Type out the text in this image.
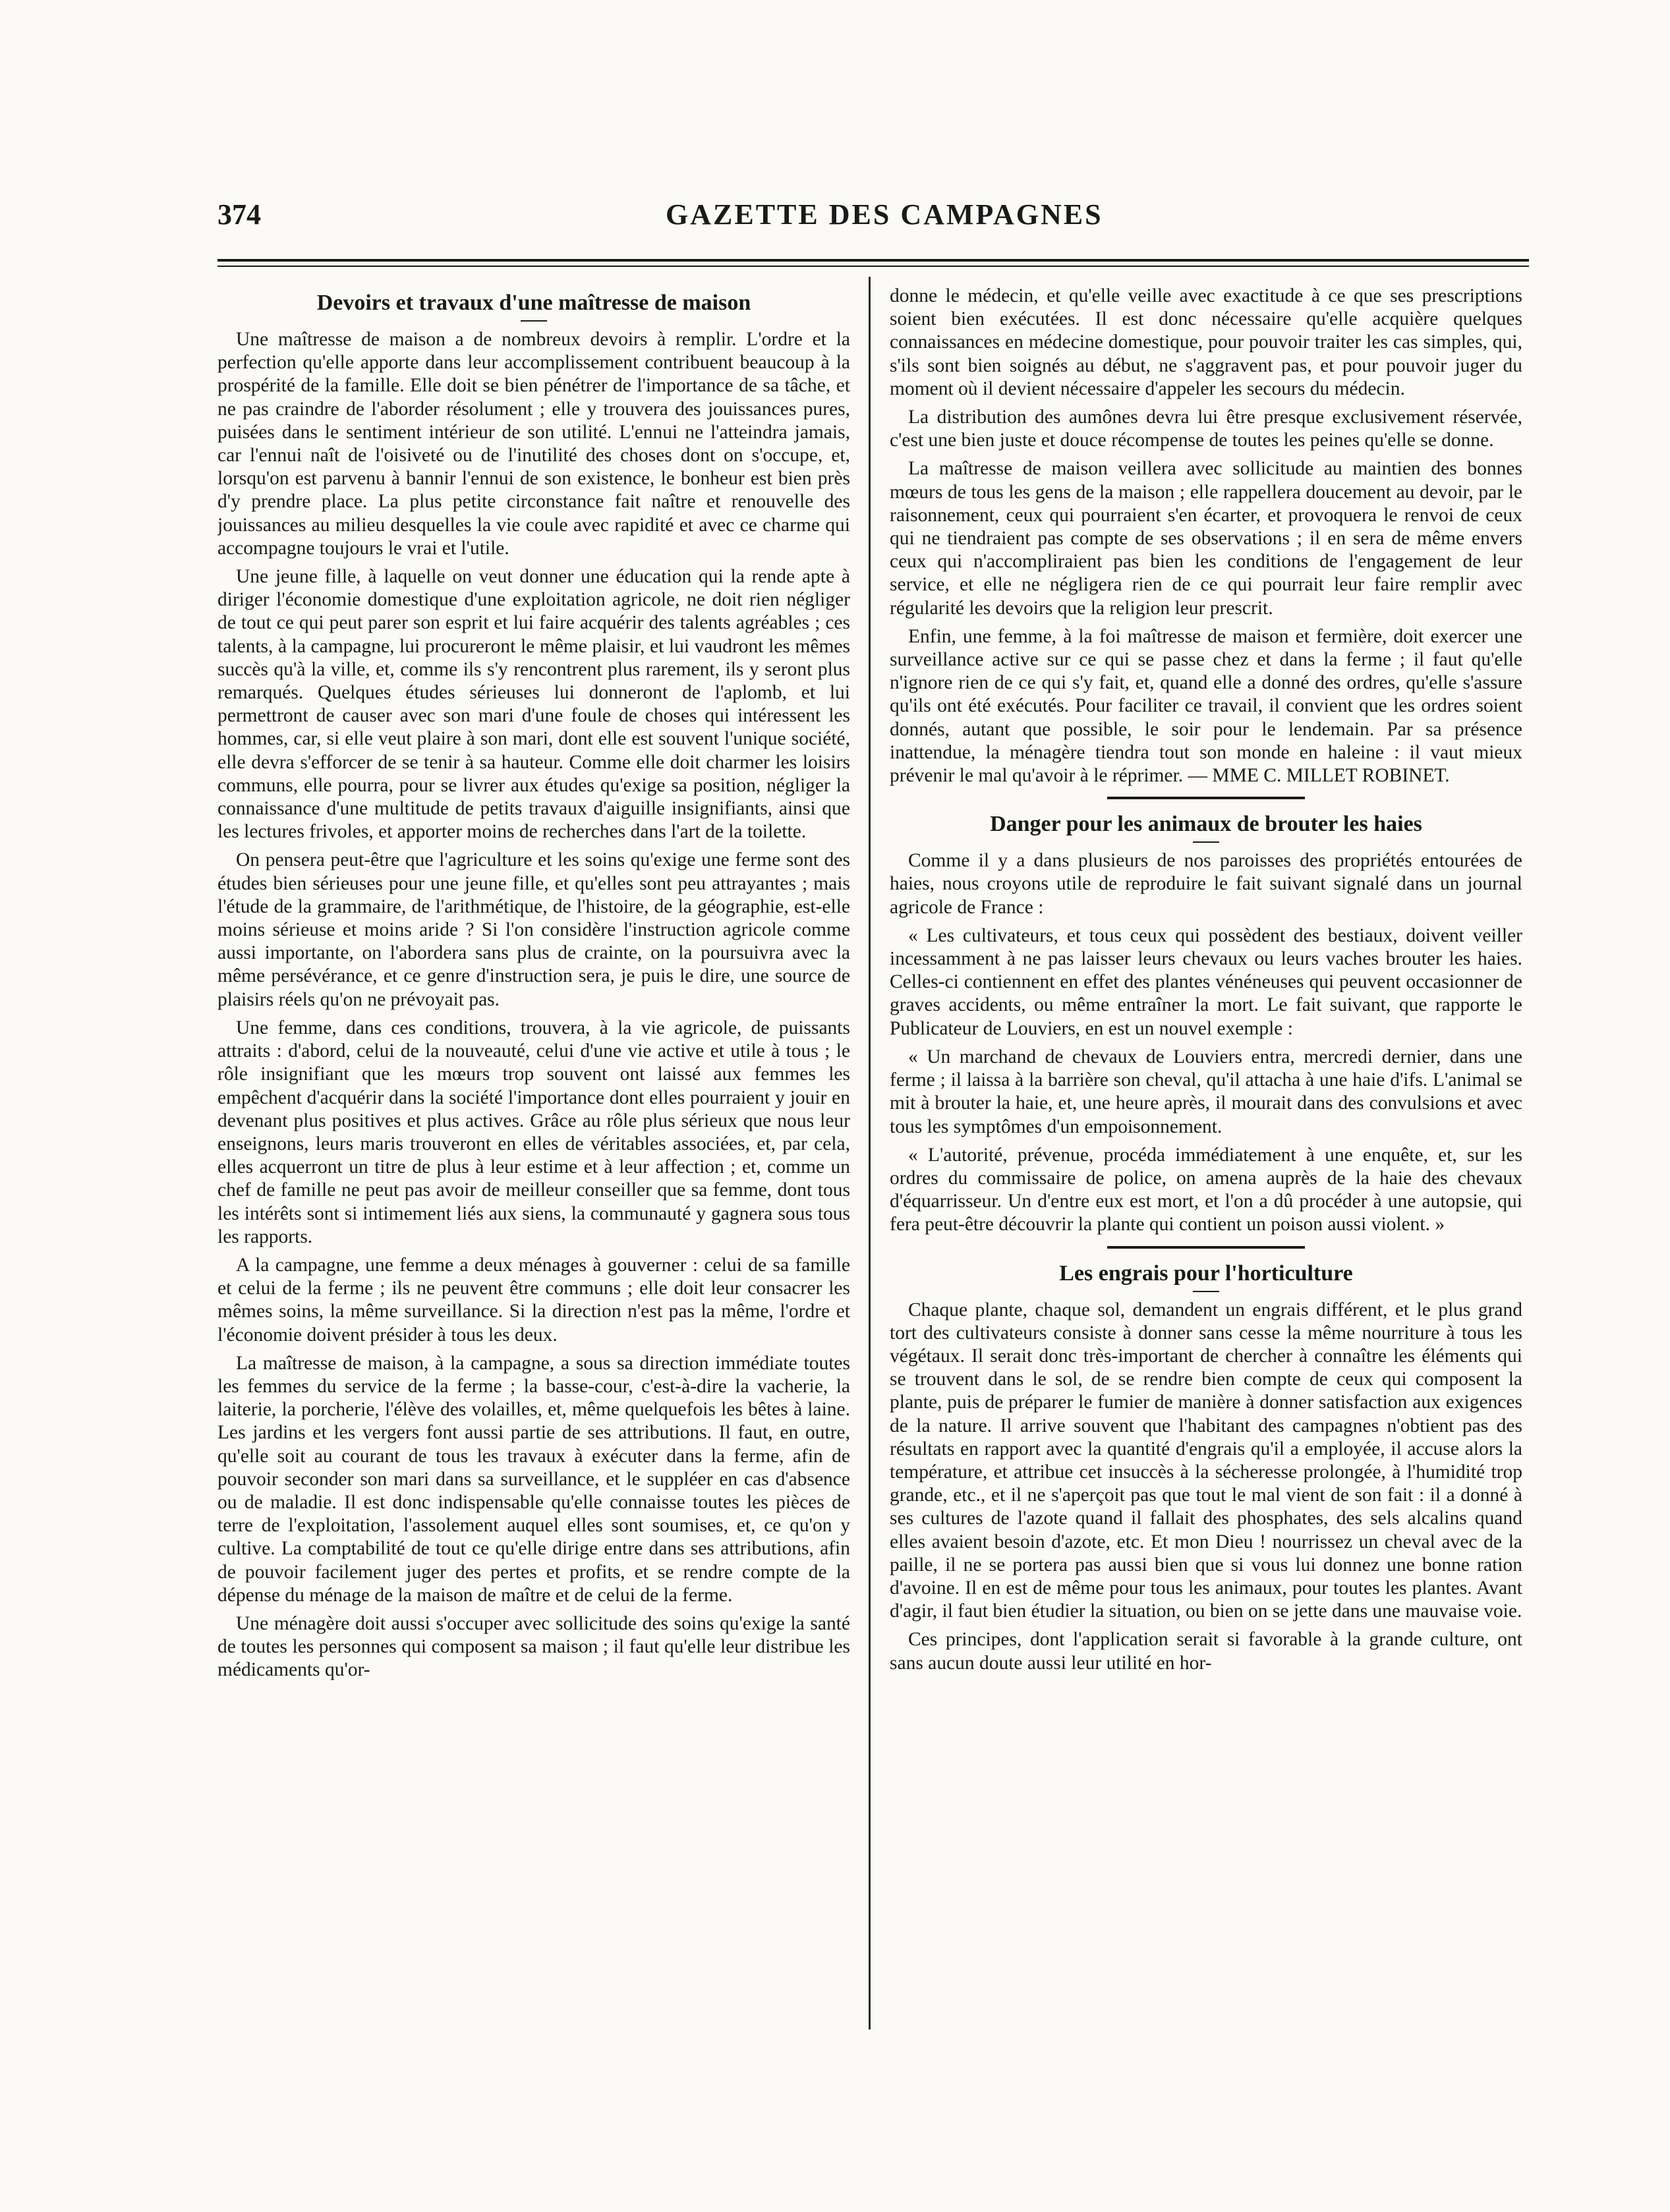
374	GAZETTE DES CAMPAGNES
Devoirs et travaux d'une maîtresse de maison

Une maîtresse de maison a de nombreux devoirs à remplir. L'ordre et la perfection qu'elle apporte dans leur accomplissement contribuent beaucoup à la prospérité de la famille. Elle doit se bien pénétrer de l'importance de sa tâche, et ne pas craindre de l'aborder résolument ; elle y trouvera des jouissances pures, puisées dans le sentiment intérieur de son utilité. L'ennui ne l'atteindra jamais, car l'ennui naît de l'oisiveté ou de l'inutilité des choses dont on s'occupe, et, lorsqu'on est parvenu à bannir l'ennui de son existence, le bonheur est bien près d'y prendre place. La plus petite circonstance fait naître et renouvelle des jouissances au milieu desquelles la vie coule avec rapidité et avec ce charme qui accompagne toujours le vrai et l'utile.

Une jeune fille, à laquelle on veut donner une éducation qui la rende apte à diriger l'économie domestique d'une exploitation agricole, ne doit rien négliger de tout ce qui peut parer son esprit et lui faire acquérir des talents agréables ; ces talents, à la campagne, lui procureront le même plaisir, et lui vaudront les mêmes succès qu'à la ville, et, comme ils s'y rencontrent plus rarement, ils y seront plus remarqués. Quelques études sérieuses lui donneront de l'aplomb, et lui permettront de causer avec son mari d'une foule de choses qui intéressent les hommes, car, si elle veut plaire à son mari, dont elle est souvent l'unique société, elle devra s'efforcer de se tenir à sa hauteur. Comme elle doit charmer les loisirs communs, elle pourra, pour se livrer aux études qu'exige sa position, négliger la connaissance d'une multitude de petits travaux d'aiguille insignifiants, ainsi que les lectures frivoles, et apporter moins de recherches dans l'art de la toilette.

On pensera peut-être que l'agriculture et les soins qu'exige une ferme sont des études bien sérieuses pour une jeune fille, et qu'elles sont peu attrayantes ; mais l'étude de la grammaire, de l'arithmétique, de l'histoire, de la géographie, est-elle moins sérieuse et moins aride ? Si l'on considère l'instruction agricole comme aussi importante, on l'abordera sans plus de crainte, on la poursuivra avec la même persévérance, et ce genre d'instruction sera, je puis le dire, une source de plaisirs réels qu'on ne prévoyait pas.

Une femme, dans ces conditions, trouvera, à la vie agricole, de puissants attraits : d'abord, celui de la nouveauté, celui d'une vie active et utile à tous ; le rôle insignifiant que les mœurs trop souvent ont laissé aux femmes les empêchent d'acquérir dans la société l'importance dont elles pourraient y jouir en devenant plus positives et plus actives. Grâce au rôle plus sérieux que nous leur enseignons, leurs maris trouveront en elles de véritables associées, et, par cela, elles acquerront un titre de plus à leur estime et à leur affection ; et, comme un chef de famille ne peut pas avoir de meilleur conseiller que sa femme, dont tous les intérêts sont si intimement liés aux siens, la communauté y gagnera sous tous les rapports.

A la campagne, une femme a deux ménages à gouverner : celui de sa famille et celui de la ferme ; ils ne peuvent être communs ; elle doit leur consacrer les mêmes soins, la même surveillance. Si la direction n'est pas la même, l'ordre et l'économie doivent présider à tous les deux.

La maîtresse de maison, à la campagne, a sous sa direction immédiate toutes les femmes du service de la ferme ; la basse-cour, c'est-à-dire la vacherie, la laiterie, la porcherie, l'élève des volailles, et, même quelquefois les bêtes à laine. Les jardins et les vergers font aussi partie de ses attributions. Il faut, en outre, qu'elle soit au courant de tous les travaux à exécuter dans la ferme, afin de pouvoir seconder son mari dans sa surveillance, et le suppléer en cas d'absence ou de maladie. Il est donc indispensable qu'elle connaisse toutes les pièces de terre de l'exploitation, l'assolement auquel elles sont soumises, et, ce qu'on y cultive. La comptabilité de tout ce qu'elle dirige entre dans ses attributions, afin de pouvoir facilement juger des pertes et profits, et se rendre compte de la dépense du ménage de la maison de maître et de celui de la ferme.

Une ménagère doit aussi s'occuper avec sollicitude des soins qu'exige la santé de toutes les personnes qui composent sa maison ; il faut qu'elle leur distribue les médicaments qu'or-

donne le médecin, et qu'elle veille avec exactitude à ce que ses prescriptions soient bien exécutées. Il est donc nécessaire qu'elle acquière quelques connaissances en médecine domestique, pour pouvoir traiter les cas simples, qui, s'ils sont bien soignés au début, ne s'aggravent pas, et pour pouvoir juger du moment où il devient nécessaire d'appeler les secours du médecin.

La distribution des aumônes devra lui être presque exclusivement réservée, c'est une bien juste et douce récompense de toutes les peines qu'elle se donne.

La maîtresse de maison veillera avec sollicitude au maintien des bonnes mœurs de tous les gens de la maison ; elle rappellera doucement au devoir, par le raisonnement, ceux qui pourraient s'en écarter, et provoquera le renvoi de ceux qui ne tiendraient pas compte de ses observations ; il en sera de même envers ceux qui n'accompliraient pas bien les conditions de l'engagement de leur service, et elle ne négligera rien de ce qui pourrait leur faire remplir avec régularité les devoirs que la religion leur prescrit.

Enfin, une femme, à la foi maîtresse de maison et fermière, doit exercer une surveillance active sur ce qui se passe chez et dans la ferme ; il faut qu'elle n'ignore rien de ce qui s'y fait, et, quand elle a donné des ordres, qu'elle s'assure qu'ils ont été exécutés. Pour faciliter ce travail, il convient que les ordres soient donnés, autant que possible, le soir pour le lendemain. Par sa présence inattendue, la ménagère tiendra tout son monde en haleine : il vaut mieux prévenir le mal qu'avoir à le réprimer. — MME C. MILLET ROBINET.

Danger pour les animaux de brouter les haies

Comme il y a dans plusieurs de nos paroisses des propriétés entourées de haies, nous croyons utile de reproduire le fait suivant signalé dans un journal agricole de France :

« Les cultivateurs, et tous ceux qui possèdent des bestiaux, doivent veiller incessamment à ne pas laisser leurs chevaux ou leurs vaches brouter les haies. Celles-ci contiennent en effet des plantes vénéneuses qui peuvent occasionner de graves accidents, ou même entraîner la mort. Le fait suivant, que rapporte le Publicateur de Louviers, en est un nouvel exemple :

« Un marchand de chevaux de Louviers entra, mercredi dernier, dans une ferme ; il laissa à la barrière son cheval, qu'il attacha à une haie d'ifs. L'animal se mit à brouter la haie, et, une heure après, il mourait dans des convulsions et avec tous les symptômes d'un empoisonnement.

« L'autorité, prévenue, procéda immédiatement à une enquête, et, sur les ordres du commissaire de police, on amena auprès de la haie des chevaux d'équarrisseur. Un d'entre eux est mort, et l'on a dû procéder à une autopsie, qui fera peut-être découvrir la plante qui contient un poison aussi violent. »

Les engrais pour l'horticulture

Chaque plante, chaque sol, demandent un engrais différent, et le plus grand tort des cultivateurs consiste à donner sans cesse la même nourriture à tous les végétaux. Il serait donc très-important de chercher à connaître les éléments qui se trouvent dans le sol, de se rendre bien compte de ceux qui composent la plante, puis de préparer le fumier de manière à donner satisfaction aux exigences de la nature. Il arrive souvent que l'habitant des campagnes n'obtient pas des résultats en rapport avec la quantité d'engrais qu'il a employée, il accuse alors la température, et attribue cet insuccès à la sécheresse prolongée, à l'humidité trop grande, etc., et il ne s'aperçoit pas que tout le mal vient de son fait : il a donné à ses cultures de l'azote quand il fallait des phosphates, des sels alcalins quand elles avaient besoin d'azote, etc. Et mon Dieu ! nourrissez un cheval avec de la paille, il ne se portera pas aussi bien que si vous lui donnez une bonne ration d'avoine. Il en est de même pour tous les animaux, pour toutes les plantes. Avant d'agir, il faut bien étudier la situation, ou bien on se jette dans une mauvaise voie.

Ces principes, dont l'application serait si favorable à la grande culture, ont sans aucun doute aussi leur utilité en hor-
